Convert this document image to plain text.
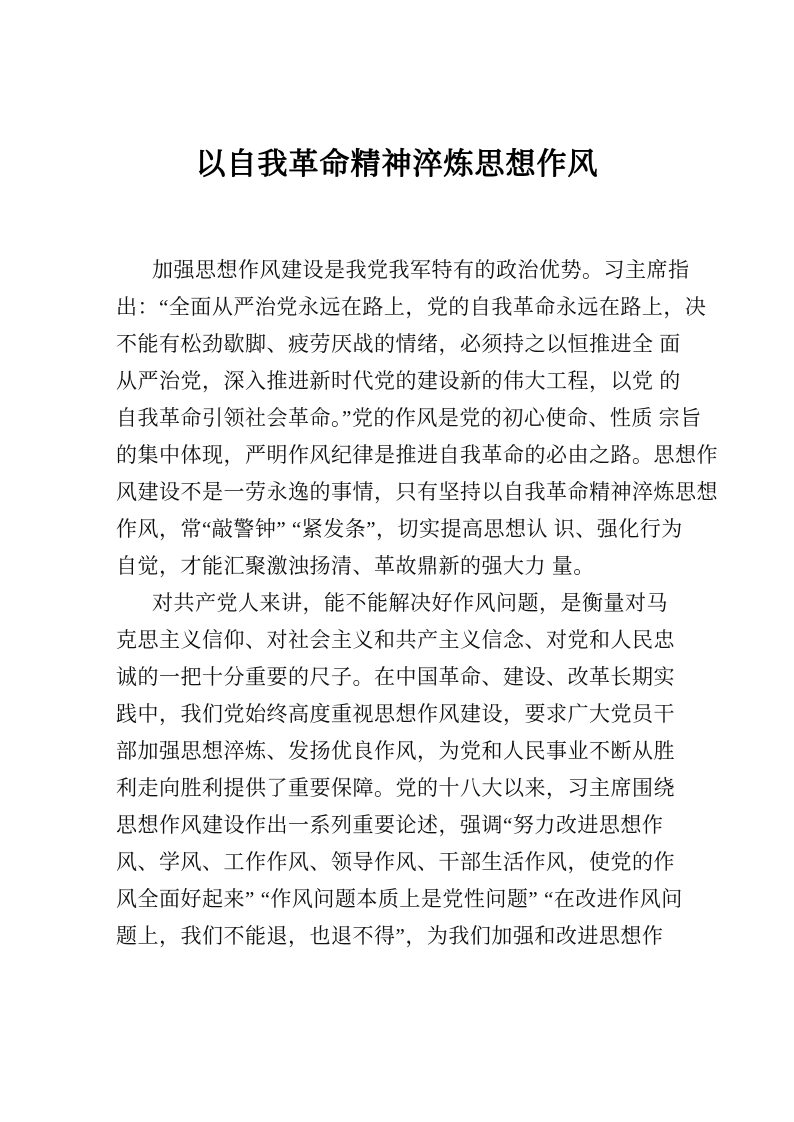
以自我革命精神淬炼思想作风
加强思想作风建设是我党我军特有的政治优势。习主席指
出：“全面从严治党永远在路上，党的自我革命永远在路上，决
不能有松劲歇脚、疲劳厌战的情绪，必须持之以恒推进全 面
从严治党，深入推进新时代党的建设新的伟大工程，以党 的
自我革命引领社会革命。”党的作风是党的初心使命、性质 宗旨
的集中体现，严明作风纪律是推进自我革命的必由之路。思想作
风建设不是一劳永逸的事情，只有坚持以自我革命精神淬炼思想
作风，常“敲警钟” “紧发条”，切实提高思想认 识、强化行为
自觉，才能汇聚激浊扬清、革故鼎新的强大力 量。
对共产党人来讲，能不能解决好作风问题，是衡量对马
克思主义信仰、对社会主义和共产主义信念、对党和人民忠
诚的一把十分重要的尺子。在中国革命、建设、改革长期实
践中，我们党始终高度重视思想作风建设，要求广大党员干
部加强思想淬炼、发扬优良作风，为党和人民事业不断从胜
利走向胜利提供了重要保障。党的十八大以来，习主席围绕
思想作风建设作出一系列重要论述，强调“努力改进思想作
风、学风、工作作风、领导作风、干部生活作风，使党的作
风全面好起来” “作风问题本质上是党性问题” “在改进作风问
题上，我们不能退，也退不得”，为我们加强和改进思想作
